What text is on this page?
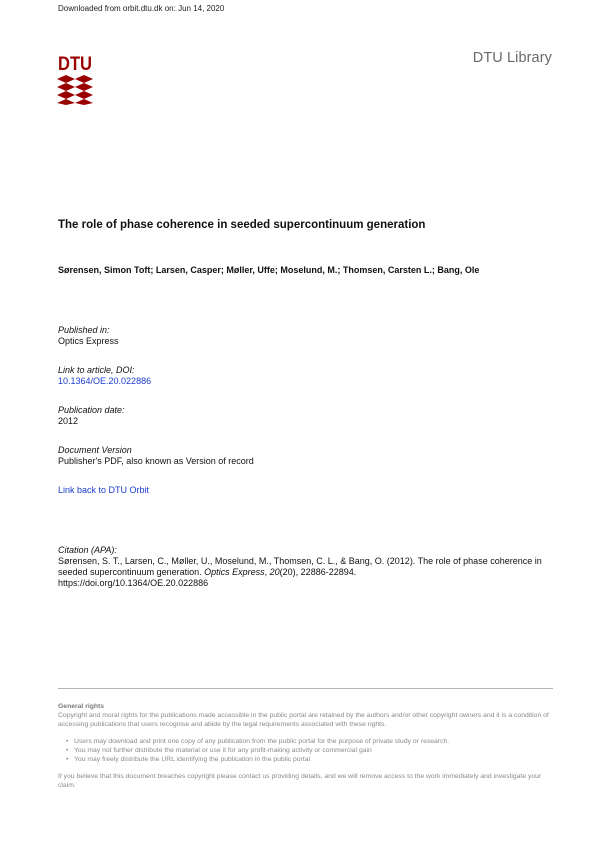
Downloaded from orbit.dtu.dk on: Jun 14, 2020
DTU	DTU Library
The role of phase coherence in seeded supercontinuum generation
Sørensen, Simon Toft; Larsen, Casper; Møller, Uffe; Moselund, M.; Thomsen, Carsten L.; Bang, Ole
Published in:
Optics Express
Link to article, DOI:
10.1364/OE.20.022886
Publication date:
2012
Document Version
Publisher's PDF, also known as Version of record
Link back to DTU Orbit
Citation (APA):
Sørensen, S. T., Larsen, C., Møller, U., Moselund, M., Thomsen, C. L., & Bang, O. (2012). The role of phase coherence in seeded supercontinuum generation. Optics Express, 20(20), 22886-22894.
https://doi.org/10.1364/OE.20.022886
General rights
Copyright and moral rights for the publications made accessible in the public portal are retained by the authors and/or other copyright owners and it is a condition of accessing publications that users recognise and abide by the legal requirements associated with these rights.
• Users may download and print one copy of any publication from the public portal for the purpose of private study or research.
• You may not further distribute the material or use it for any profit-making activity or commercial gain
• You may freely distribute the URL identifying the publication in the public portal
If you believe that this document breaches copyright please contact us providing details, and we will remove access to the work immediately and investigate your claim.
